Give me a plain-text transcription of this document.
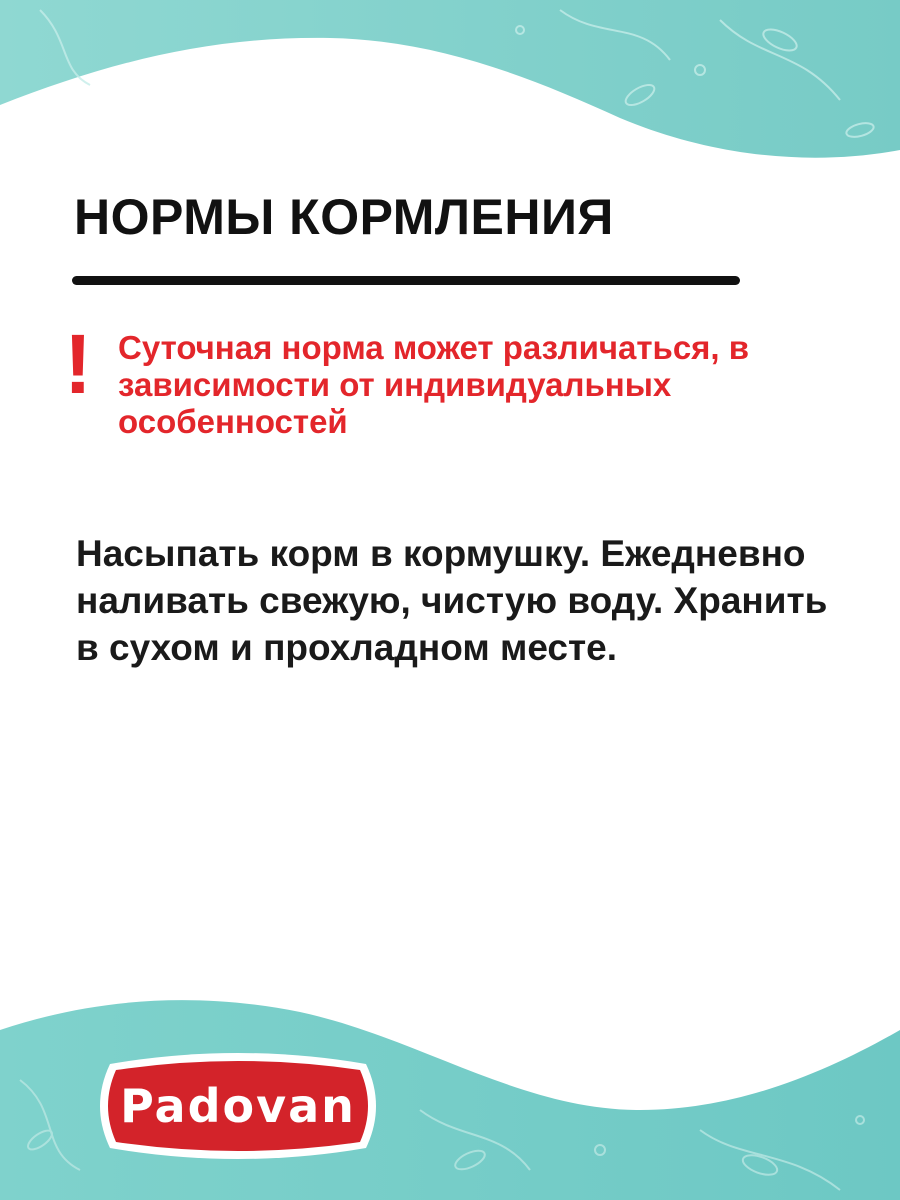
НОРМЫ КОРМЛЕНИЯ
! Суточная норма может различаться, в зависимости от индивидуальных особенностей

Насыпать корм в кормушку. Ежедневно наливать свежую, чистую воду. Хранить в сухом и прохладном месте.

Padovan
